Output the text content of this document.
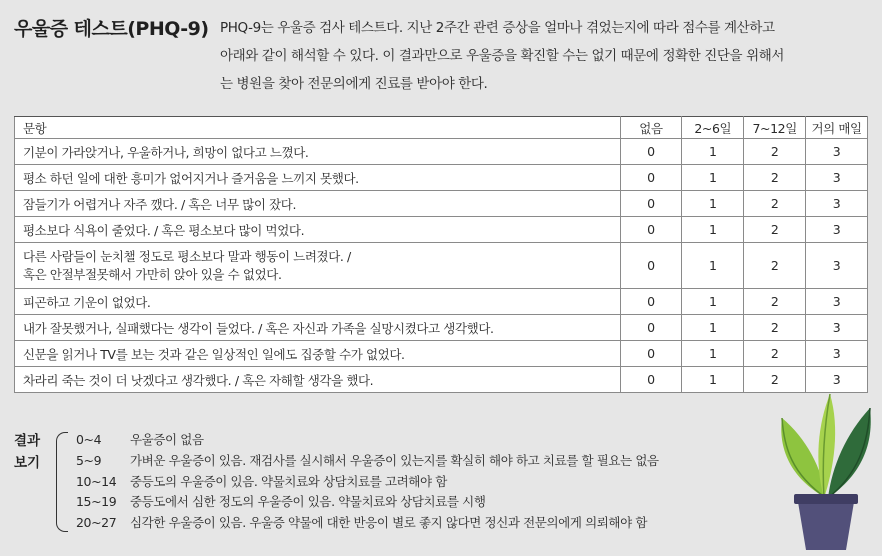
우울증 테스트(PHQ-9) PHQ-9는 우울증 검사 테스트다. 지난 2주간 관련 증상을 얼마나 겪었는지에 따라 점수를 계산하고
아래와 같이 해석할 수 있다. 이 결과만으로 우울증을 확진할 수는 없기 때문에 정확한 진단을 위해서
는 병원을 찾아 전문의에게 진료를 받아야 한다.
문항	없음	2~6일	7~12일	거의 매일

기분이 가라앉거나, 우울하거나, 희망이 없다고 느꼈다.	0	1	2	3

평소 하던 일에 대한 흥미가 없어지거나 즐거움을 느끼지 못했다.	0	1	2	3

잠들기가 어렵거나 자주 깼다. / 혹은 너무 많이 잤다.	0	1	2	3

평소보다 식욕이 줄었다. / 혹은 평소보다 많이 먹었다.	0	1	2	3

다른 사람들이 눈치챌 정도로 평소보다 말과 행동이 느려졌다. /
혹은 안절부절못해서 가만히 앉아 있을 수 없었다.	0	1	2	3

피곤하고 기운이 없었다.	0	1	2	3

내가 잘못했거나, 실패했다는 생각이 들었다. / 혹은 자신과 가족을 실망시켰다고 생각했다.	0	1	2	3

신문을 읽거나 TV를 보는 것과 같은 일상적인 일에도 집중할 수가 없었다.	0	1	2	3

차라리 죽는 것이 더 낫겠다고 생각했다. / 혹은 자해할 생각을 했다.	0	1	2	3
결과
보기
0~4	우울증이 없음
5~9	가벼운 우울증이 있음. 재검사를 실시해서 우울증이 있는지를 확실히 해야 하고 치료를 할 필요는 없음
10~14	중등도의 우울증이 있음. 약물치료와 상담치료를 고려해야 함
15~19	중등도에서 심한 정도의 우울증이 있음. 약물치료와 상담치료를 시행
20~27	심각한 우울증이 있음. 우울증 약물에 대한 반응이 별로 좋지 않다면 정신과 전문의에게 의뢰해야 함
